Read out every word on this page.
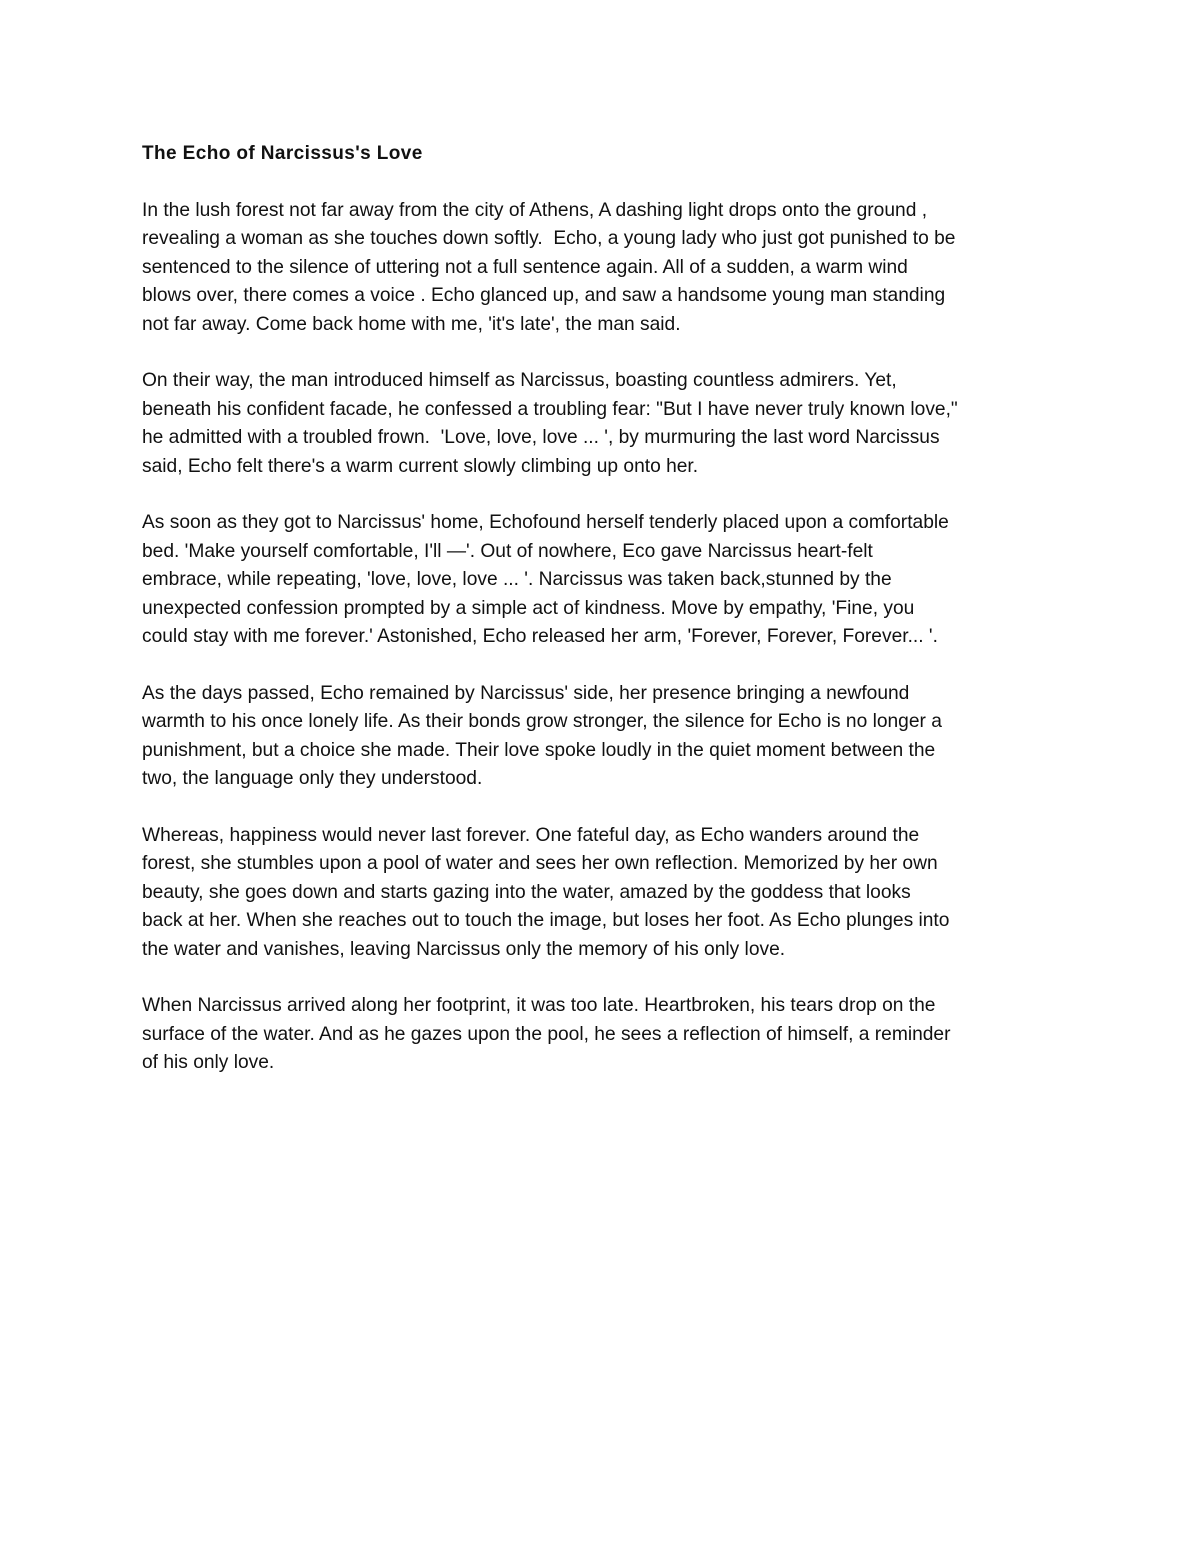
The Echo of Narcissus's Love
In the lush forest not far away from the city of Athens, A dashing light drops onto the ground ,
revealing a woman as she touches down softly.  Echo, a young lady who just got punished to be
sentenced to the silence of uttering not a full sentence again. All of a sudden, a warm wind
blows over, there comes a voice . Echo glanced up, and saw a handsome young man standing
not far away. Come back home with me, 'it's late', the man said.
On their way, the man introduced himself as Narcissus, boasting countless admirers. Yet,
beneath his confident facade, he confessed a troubling fear: "But I have never truly known love,"
he admitted with a troubled frown.  'Love, love, love ... ', by murmuring the last word Narcissus
said, Echo felt there's a warm current slowly climbing up onto her.
As soon as they got to Narcissus' home, Echofound herself tenderly placed upon a comfortable
bed. 'Make yourself comfortable, I'll —'. Out of nowhere, Eco gave Narcissus heart-felt
embrace, while repeating, 'love, love, love ... '. Narcissus was taken back,stunned by the
unexpected confession prompted by a simple act of kindness. Move by empathy, 'Fine, you
could stay with me forever.' Astonished, Echo released her arm, 'Forever, Forever, Forever... '.
As the days passed, Echo remained by Narcissus' side, her presence bringing a newfound
warmth to his once lonely life. As their bonds grow stronger, the silence for Echo is no longer a
punishment, but a choice she made. Their love spoke loudly in the quiet moment between the
two, the language only they understood.
Whereas, happiness would never last forever. One fateful day, as Echo wanders around the
forest, she stumbles upon a pool of water and sees her own reflection. Memorized by her own
beauty, she goes down and starts gazing into the water, amazed by the goddess that looks
back at her. When she reaches out to touch the image, but loses her foot. As Echo plunges into
the water and vanishes, leaving Narcissus only the memory of his only love.
When Narcissus arrived along her footprint, it was too late. Heartbroken, his tears drop on the
surface of the water. And as he gazes upon the pool, he sees a reflection of himself, a reminder
of his only love.
